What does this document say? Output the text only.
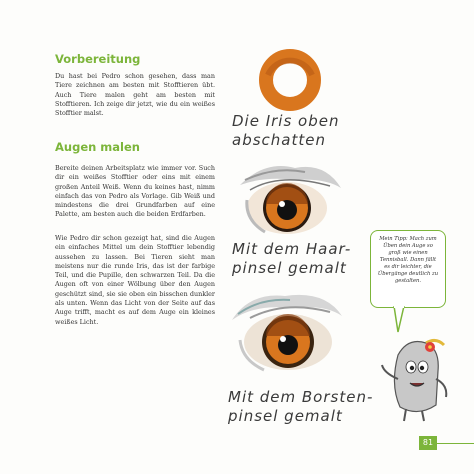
Vorbereitung
Du hast bei Pedro schon gesehen, dass man Tiere zeichnen am besten mit Stofftieren übt. Auch Tiere malen geht am besten mit Stofftieren. Ich zeige dir jetzt, wie du ein weißes Stofftier malst.
Augen malen
Bereite deinen Arbeitsplatz wie immer vor. Such dir ein weißes Stofftier oder eins mit einem großen Anteil Weiß. Wenn du keines hast, nimm einfach das von Pedro als Vorlage. Gib Weiß und mindestens die drei Grundfarben auf eine Palette, am besten auch die beiden Erdfarben.
Wie Pedro dir schon gezeigt hat, sind die Augen ein einfaches Mittel um dein Stofftier lebendig aussehen zu lassen. Bei Tieren sieht man meistens nur die runde Iris, das ist der farbige Teil, und die Pupille, den schwarzen Teil. Da die Augen oft von einer Wölbung über den Augen geschützt sind, sie sie oben ein bisschen dunkler als unten. Wenn das Licht von der Seite auf das Auge trifft, macht es auf dem Auge ein kleines weißes Licht.
Die Iris oben
abschatten
Mit dem Haar-
pinsel gemalt
Mit dem Borsten-
pinsel gemalt
Mein Tipp: Mach zum Üben dein Auge so groß wie einen Tennisball. Dann fällt es dir leichter, die Übergänge deutlich zu gestalten.
81
